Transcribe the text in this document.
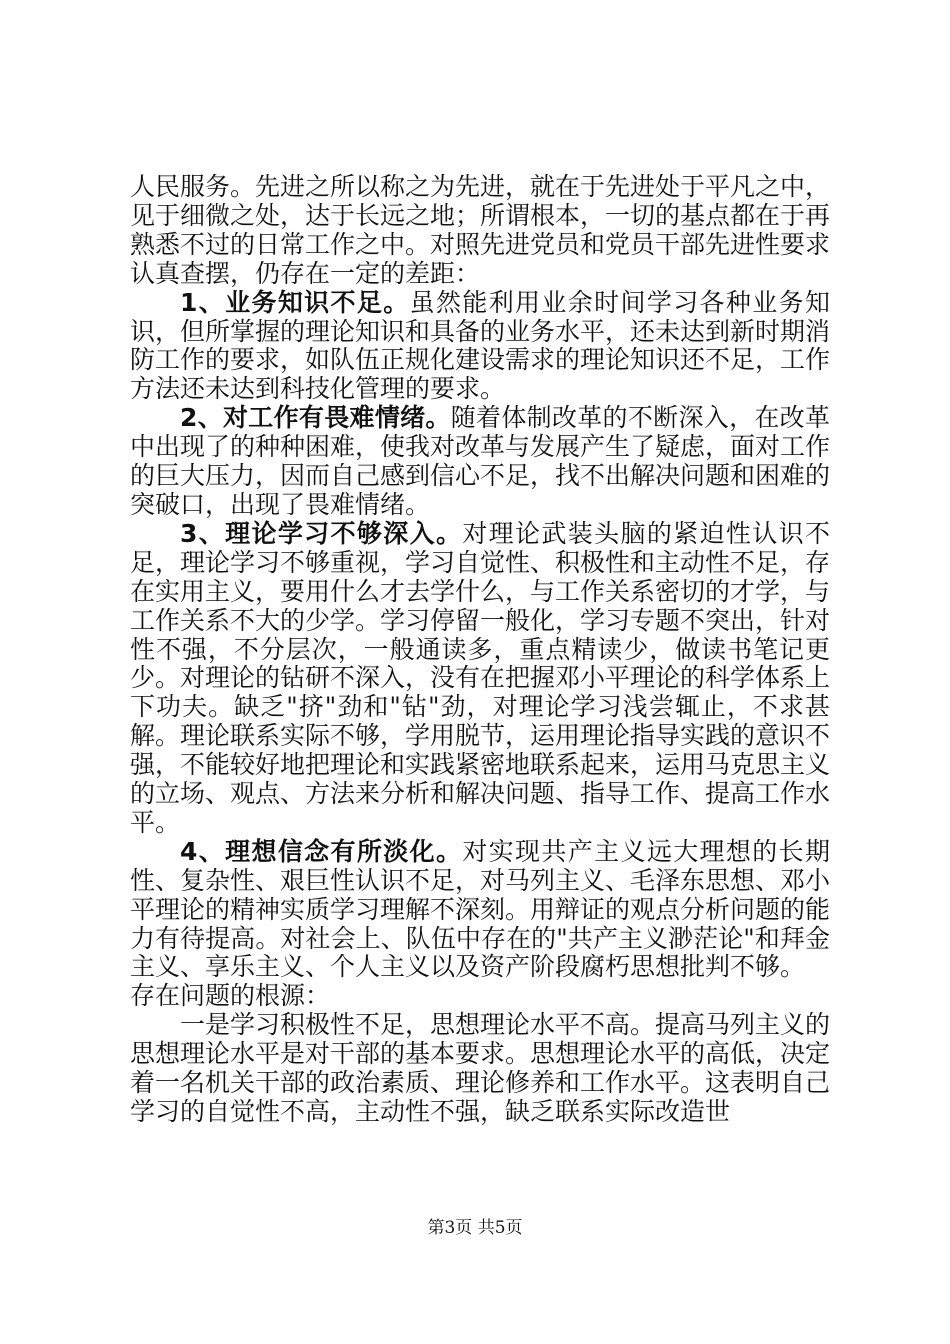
人民服务。先进之所以称之为先进，就在于先进处于平凡之中，见于细微之处，达于长远之地；所谓根本，一切的基点都在于再熟悉不过的日常工作之中。对照先进党员和党员干部先进性要求认真查摆，仍存在一定的差距：

1、业务知识不足。虽然能利用业余时间学习各种业务知识，但所掌握的理论知识和具备的业务水平，还未达到新时期消防工作的要求，如队伍正规化建设需求的理论知识还不足，工作方法还未达到科技化管理的要求。

2、对工作有畏难情绪。随着体制改革的不断深入，在改革中出现了的种种困难，使我对改革与发展产生了疑虑，面对工作的巨大压力，因而自己感到信心不足，找不出解决问题和困难的突破口，出现了畏难情绪。

3、理论学习不够深入。对理论武装头脑的紧迫性认识不足，理论学习不够重视，学习自觉性、积极性和主动性不足，存在实用主义，要用什么才去学什么，与工作关系密切的才学，与工作关系不大的少学。学习停留一般化，学习专题不突出，针对性不强，不分层次，一般通读多，重点精读少，做读书笔记更少。对理论的钻研不深入，没有在把握邓小平理论的科学体系上下功夫。缺乏"挤"劲和"钻"劲，对理论学习浅尝辄止，不求甚解。理论联系实际不够，学用脱节，运用理论指导实践的意识不强，不能较好地把理论和实践紧密地联系起来，运用马克思主义的立场、观点、方法来分析和解决问题、指导工作、提高工作水平。

4、理想信念有所淡化。对实现共产主义远大理想的长期性、复杂性、艰巨性认识不足，对马列主义、毛泽东思想、邓小平理论的精神实质学习理解不深刻。用辩证的观点分析问题的能力有待提高。对社会上、队伍中存在的"共产主义渺茫论"和拜金主义、享乐主义、个人主义以及资产阶段腐朽思想批判不够。

存在问题的根源：

一是学习积极性不足，思想理论水平不高。提高马列主义的思想理论水平是对干部的基本要求。思想理论水平的高低，决定着一名机关干部的政治素质、理论修养和工作水平。这表明自己学习的自觉性不高，主动性不强，缺乏联系实际改造世

第3页 共5页
